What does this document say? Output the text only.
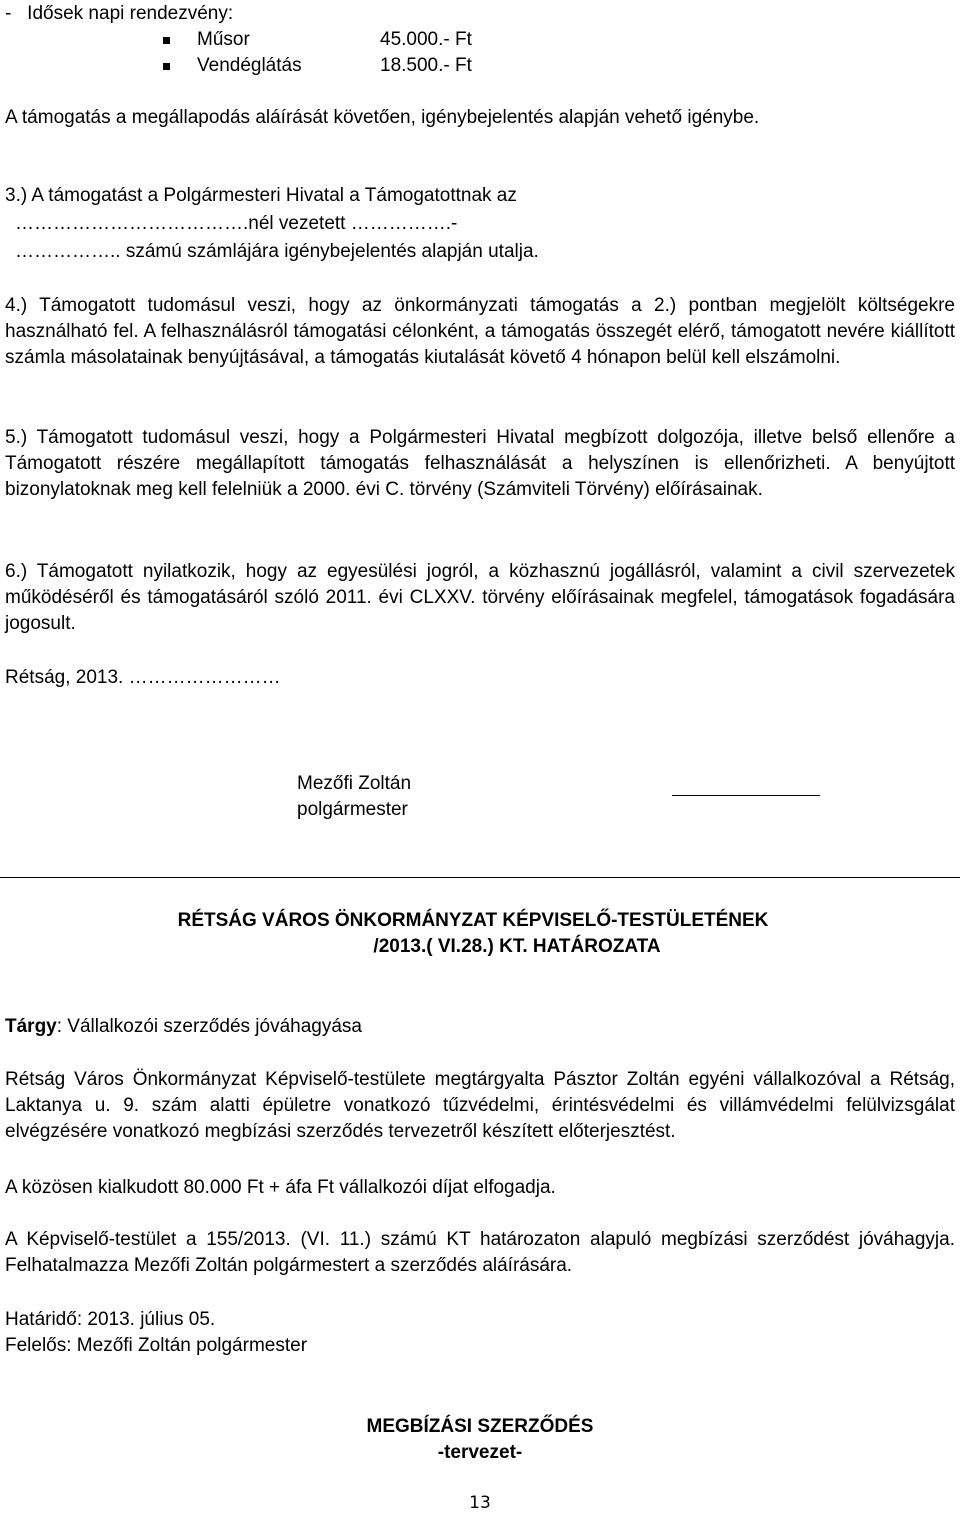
-   Idősek napi rendezvény:

Műsor	45.000.- Ft

Vendéglátás	18.500.- Ft

A támogatás a megállapodás aláírását követően, igénybejelentés alapján vehető igénybe.

3.) A támogatást a Polgármesteri Hivatal a Támogatottnak az

……………………………….nél vezetett …………….-

…………….. számú számlájára igénybejelentés alapján utalja.

4.) Támogatott tudomásul veszi, hogy az önkormányzati támogatás a 2.) pontban megjelölt költségekre használható fel. A felhasználásról támogatási célonként, a támogatás összegét elérő, támogatott nevére kiállított számla másolatainak benyújtásával, a támogatás kiutalását követő 4 hónapon belül kell elszámolni.

5.) Támogatott tudomásul veszi, hogy a Polgármesteri Hivatal megbízott dolgozója, illetve belső ellenőre a Támogatott részére megállapított támogatás felhasználását a helyszínen is ellenőrizheti. A benyújtott bizonylatoknak meg kell felelniük a 2000. évi C. törvény (Számviteli Törvény) előírásainak.

6.) Támogatott nyilatkozik, hogy az egyesülési jogról, a közhasznú jogállásról, valamint a civil szervezetek működéséről és támogatásáról szóló 2011. évi CLXXV. törvény előírásainak megfelel, támogatások fogadására jogosult.

Rétság, 2013. ……………………

Mezőfi Zoltán

polgármester

RÉTSÁG VÁROS ÖNKORMÁNYZAT KÉPVISELŐ-TESTÜLETÉNEK

/2013.( VI.28.) KT. HATÁROZATA

Tárgy: Vállalkozói szerződés jóváhagyása

Rétság Város Önkormányzat Képviselő-testülete megtárgyalta Pásztor Zoltán egyéni vállalkozóval a Rétság, Laktanya u. 9. szám alatti épületre vonatkozó tűzvédelmi, érintésvédelmi és villámvédelmi felülvizsgálat elvégzésére vonatkozó megbízási szerződés tervezetről készített előterjesztést.

A közösen kialkudott 80.000 Ft + áfa Ft vállalkozói díjat elfogadja.

A Képviselő-testület a 155/2013. (VI. 11.) számú KT határozaton alapuló megbízási szerződést jóváhagyja. Felhatalmazza Mezőfi Zoltán polgármestert a szerződés aláírására.

Határidő: 2013. július 05.

Felelős: Mezőfi Zoltán polgármester

MEGBÍZÁSI SZERZŐDÉS

-tervezet-

13
